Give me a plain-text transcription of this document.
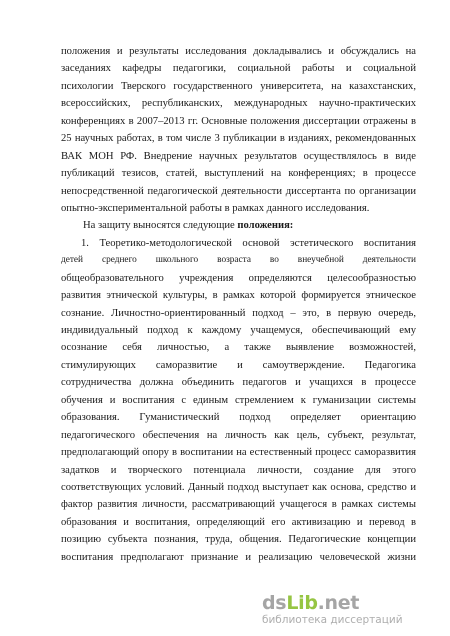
положения и результаты исследования докладывались и обсуждались на
заседаниях кафедры педагогики, социальной работы и социальной
психологии Тверского государственного университета, на казахстанских,
всероссийских, республиканских, международных научно-практических
конференциях в 2007–2013 гг. Основные положения диссертации отражены в
25 научных работах, в том числе 3 публикации в изданиях, рекомендованных
ВАК МОН РФ. Внедрение научных результатов осуществлялось в виде
публикаций тезисов, статей, выступлений на конференциях; в процессе
непосредственной педагогической деятельности диссертанта по организации
опытно-экспериментальной работы в рамках данного исследования.
На защиту выносятся следующие положения:
1. Теоретико-методологической основой эстетического воспитания
детей среднего школьного возраста во внеучебной деятельности
общеобразовательного учреждения определяются целесообразностью
развития этнической культуры, в рамках которой формируется этническое
сознание. Личностно-ориентированный подход – это, в первую очередь,
индивидуальный подход к каждому учащемуся, обеспечивающий ему
осознание себя личностью, а также выявление возможностей,
стимулирующих саморазвитие и самоутверждение. Педагогика
сотрудничества должна объединить педагогов и учащихся в процессе
обучения и воспитания с единым стремлением к гуманизации системы
образования. Гуманистический подход определяет ориентацию
педагогического обеспечения на личность как цель, субъект, результат,
предполагающий опору в воспитании на естественный процесс саморазвития
задатков и творческого потенциала личности, создание для этого
соответствующих условий. Данный подход выступает как основа, средство и
фактор развития личности, рассматривающий учащегося в рамках системы
образования и воспитания, определяющий его активизацию и перевод в
позицию субъекта познания, труда, общения. Педагогические концепции
воспитания предполагают признание и реализацию человеческой жизни
dsLib.net
библиотека диссертаций
